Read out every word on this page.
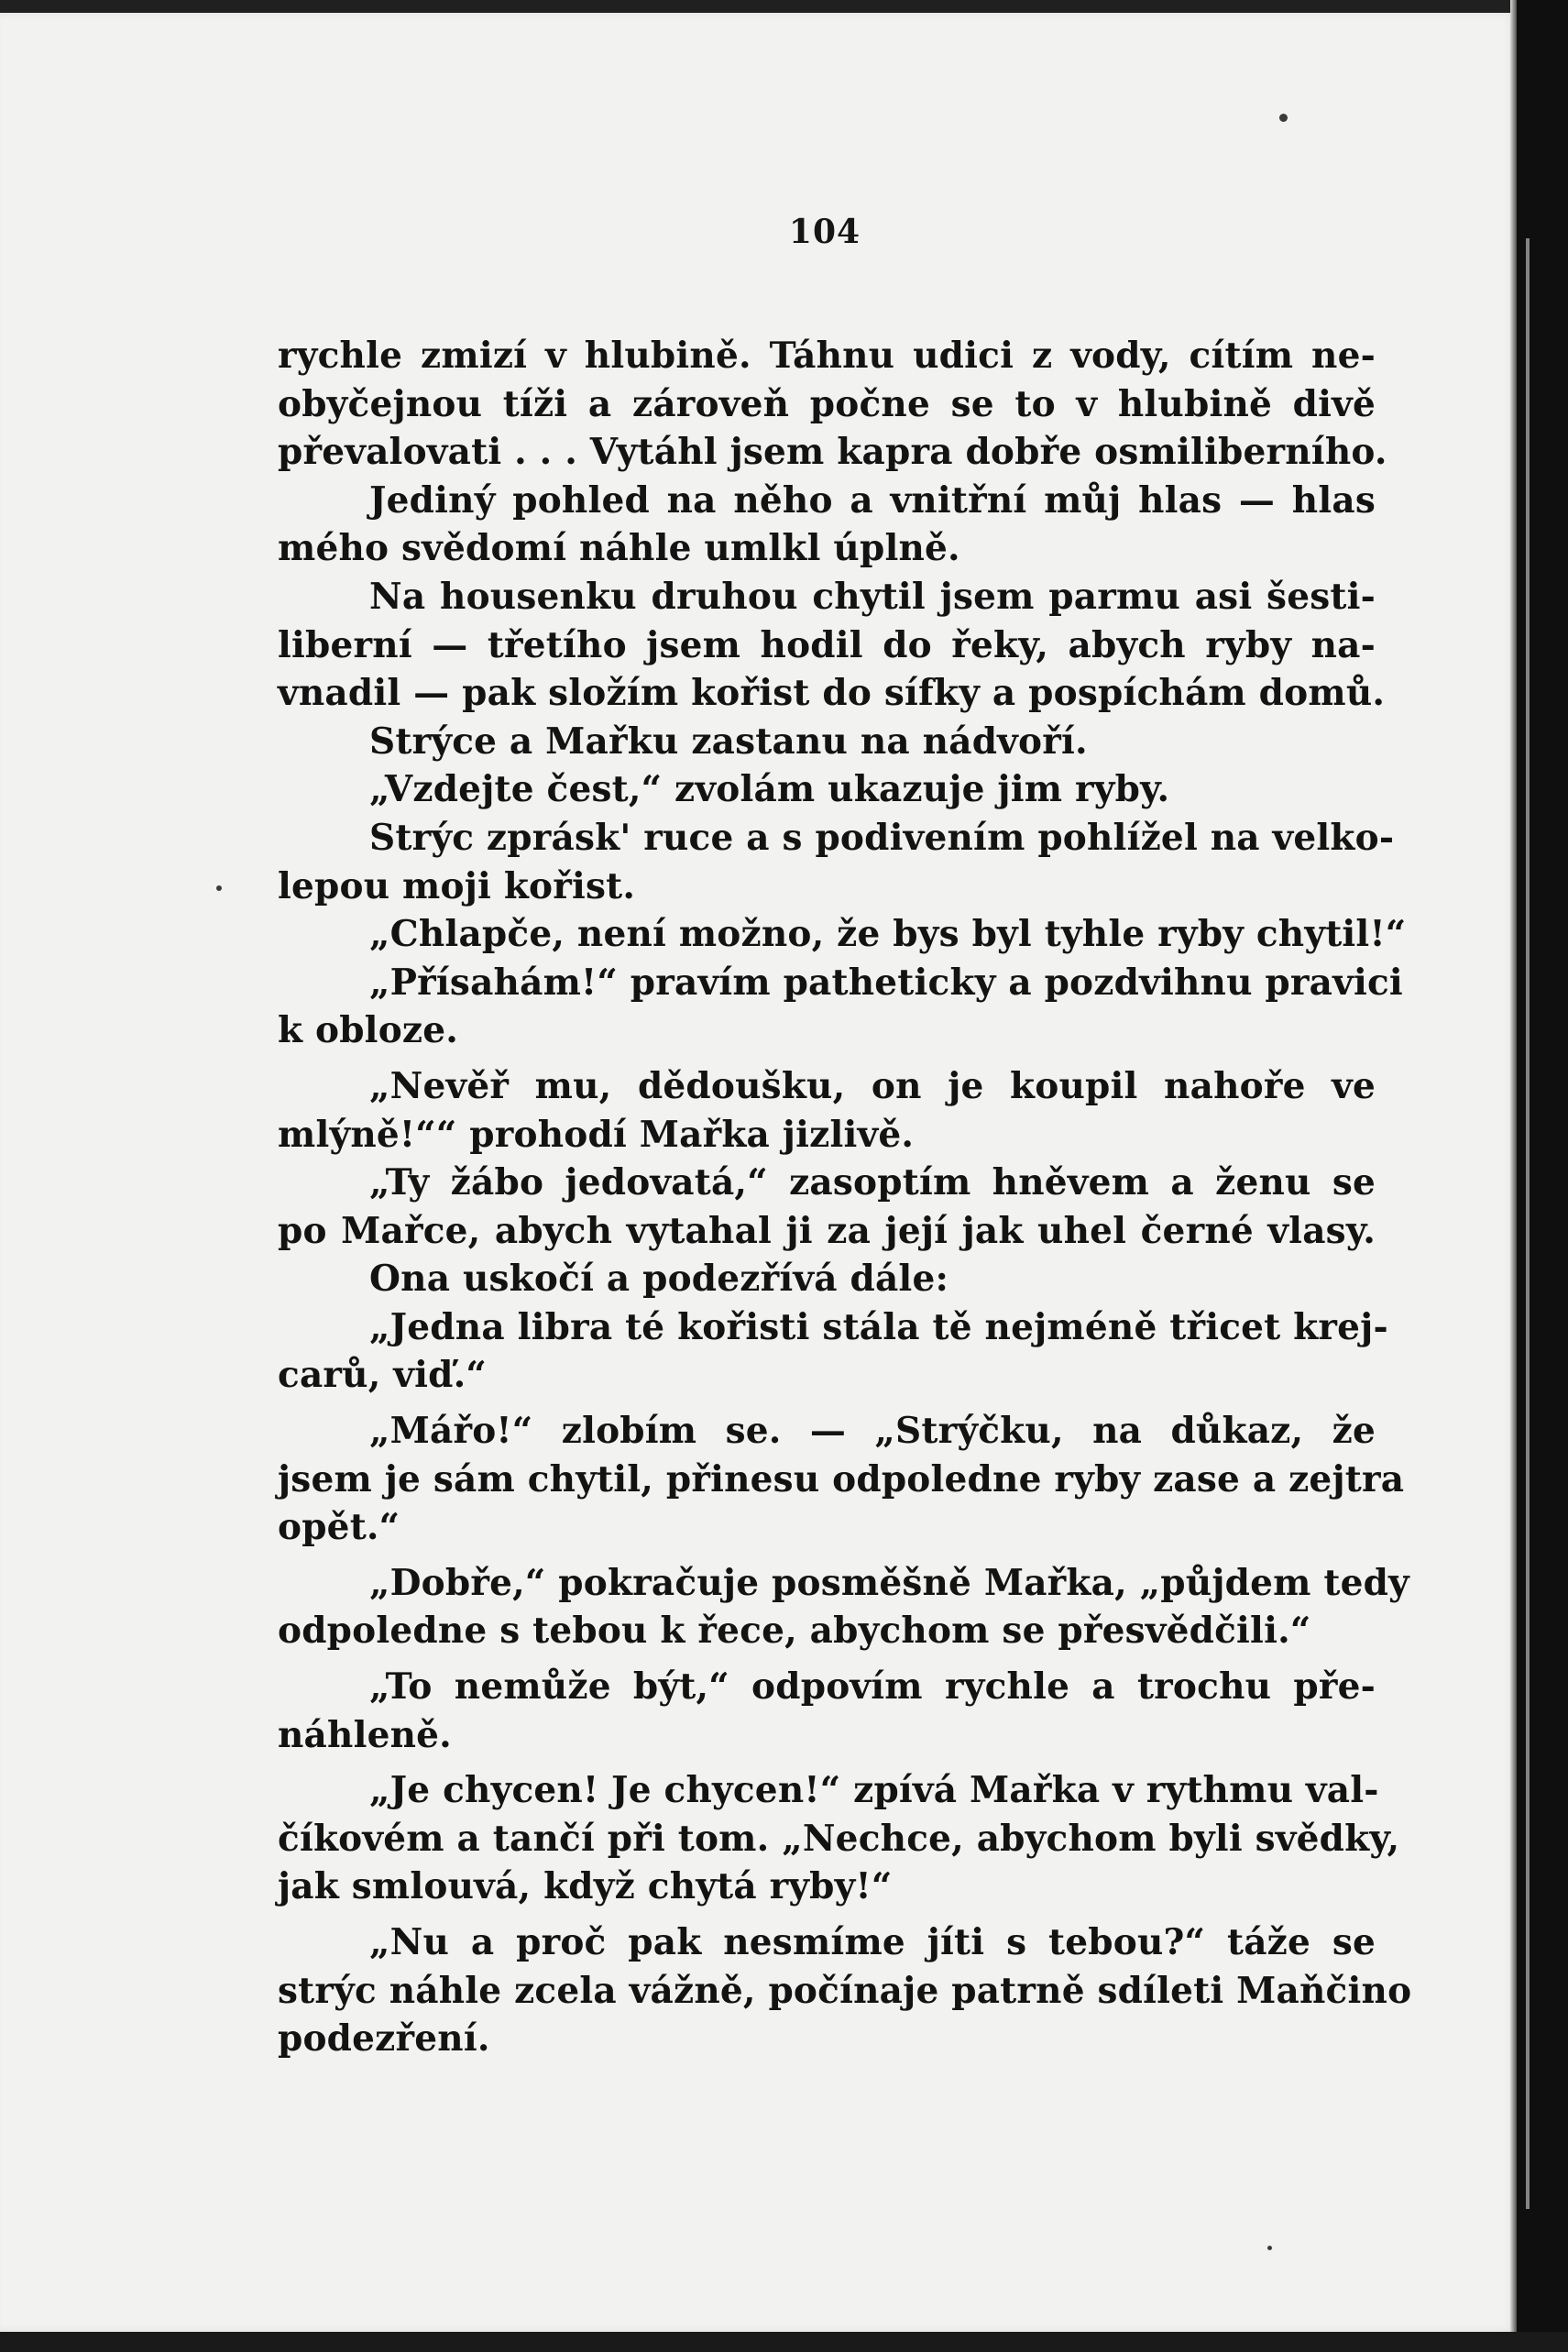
104
rychle zmizí v hlubině. Táhnu udici z vody, cítím ne-
obyčejnou tíži a zároveň počne se to v hlubině divě
převalovati . . . Vytáhl jsem kapra dobře osmiliberního.
Jediný pohled na něho a vnitřní můj hlas — hlas
mého svědomí náhle umlkl úplně.
Na housenku druhou chytil jsem parmu asi šesti-
liberní — třetího jsem hodil do řeky, abych ryby na-
vnadil — pak složím kořist do sífky a pospíchám domů.
Strýce a Mařku zastanu na nádvoří.
„Vzdejte čest,“ zvolám ukazuje jim ryby.
Strýc zprásk' ruce a s podivením pohlížel na velko-
lepou moji kořist.
„Chlapče, není možno, že bys byl tyhle ryby chytil!“
„Přísahám!“ pravím patheticky a pozdvihnu pravici
k obloze.
„Nevěř mu, dědoušku, on je koupil nahoře ve
mlýně!““ prohodí Mařka jizlivě.
„Ty žábo jedovatá,“ zasoptím hněvem a ženu se
po Mařce, abych vytahal ji za její jak uhel černé vlasy.
Ona uskočí a podezřívá dále:
„Jedna libra té kořisti stála tě nejméně třicet krej-
carů, viď.“
„Mářo!“ zlobím se. — „Strýčku, na důkaz, že
jsem je sám chytil, přinesu odpoledne ryby zase a zejtra
opět.“
„Dobře,“ pokračuje posměšně Mařka, „půjdem tedy
odpoledne s tebou k řece, abychom se přesvědčili.“
„To nemůže být,“ odpovím rychle a trochu pře-
náhleně.
„Je chycen! Je chycen!“ zpívá Mařka v rythmu val-
číkovém a tančí při tom. „Nechce, abychom byli svědky,
jak smlouvá, když chytá ryby!“
„Nu a proč pak nesmíme jíti s tebou?“ táže se
strýc náhle zcela vážně, počínaje patrně sdíleti Maňčino
podezření.
